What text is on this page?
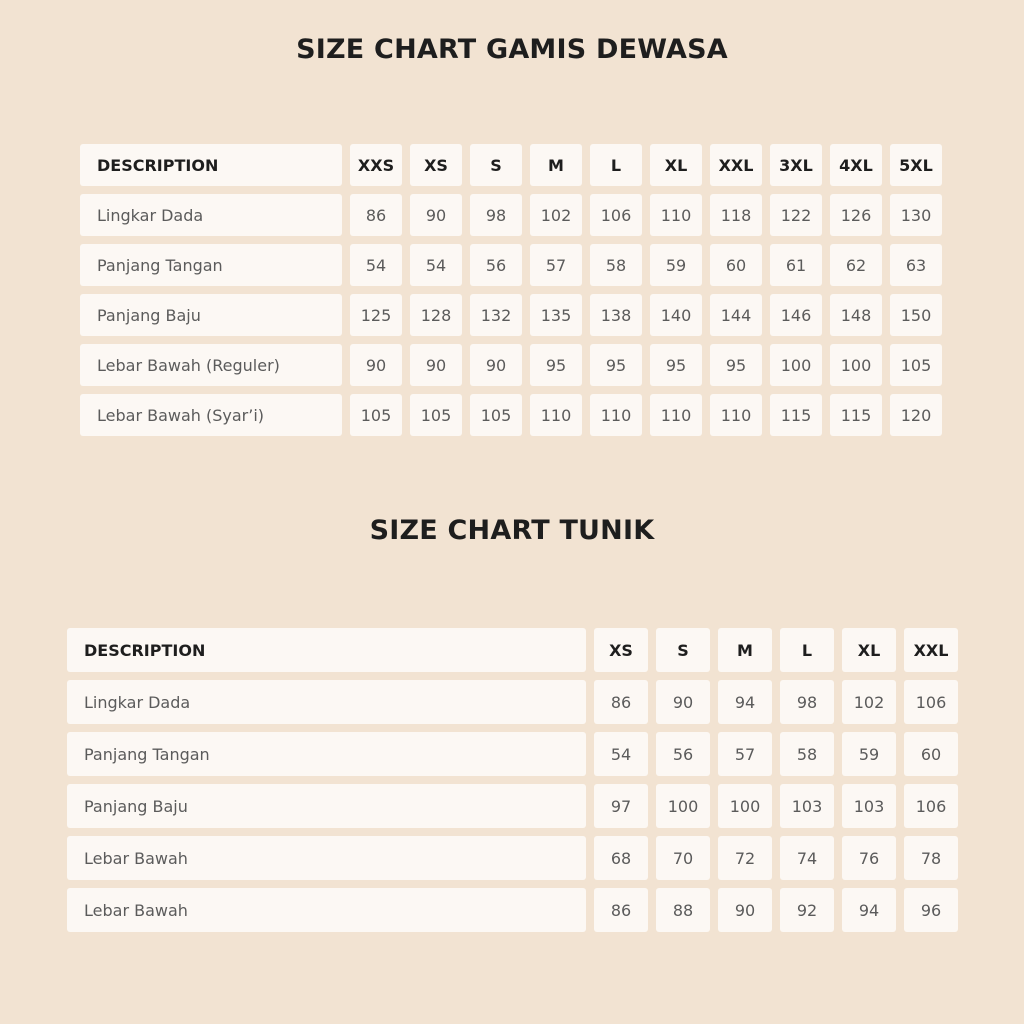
SIZE CHART GAMIS DEWASA
DESCRIPTION	XXS	XS	S	M	L	XL	XXL	3XL	4XL	5XL
Lingkar Dada	86	90	98	102	106	110	118	122	126	130
Panjang Tangan	54	54	56	57	58	59	60	61	62	63
Panjang Baju	125	128	132	135	138	140	144	146	148	150
Lebar Bawah (Reguler)	90	90	90	95	95	95	95	100	100	105
Lebar Bawah (Syar’i)	105	105	105	110	110	110	110	115	115	120
SIZE CHART TUNIK
DESCRIPTION	XS	S	M	L	XL	XXL
Lingkar Dada	86	90	94	98	102	106
Panjang Tangan	54	56	57	58	59	60
Panjang Baju	97	100	100	103	103	106
Lebar Bawah	68	70	72	74	76	78
Lebar Bawah	86	88	90	92	94	96
